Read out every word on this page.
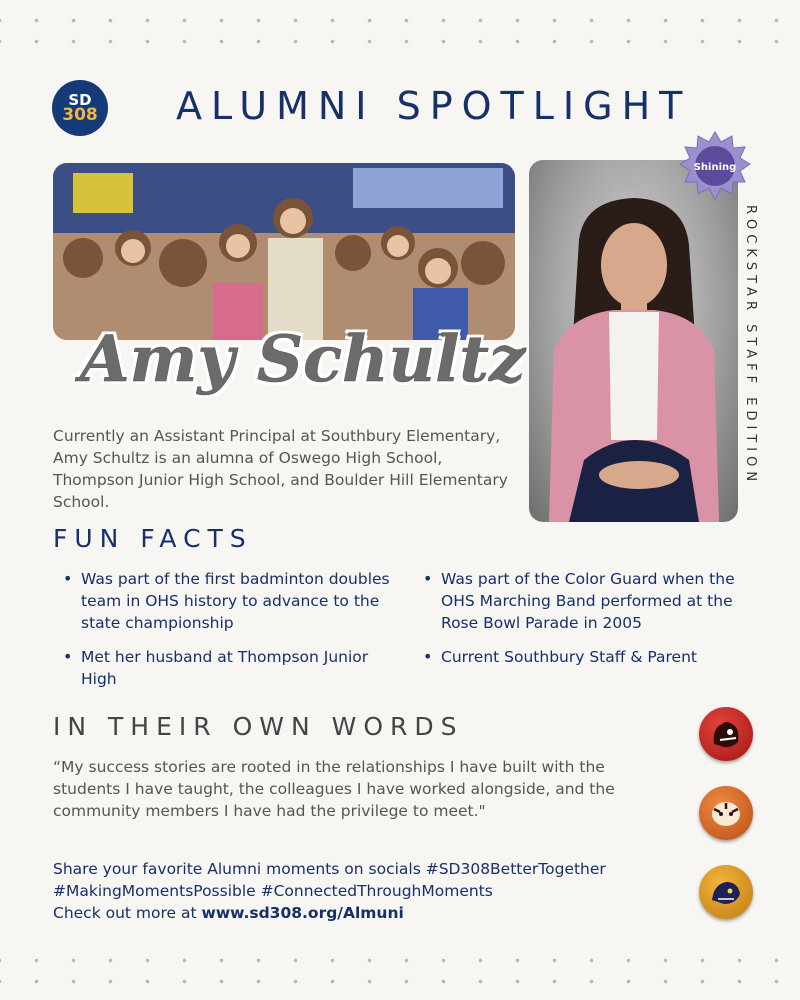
SD
308 ALUMNI SPOTLIGHT
Amy Schultz
Currently an Assistant Principal at Southbury Elementary, Amy Schultz is an alumna of Oswego High School, Thompson Junior High School, and Boulder Hill Elementary School.
Shining
ROCKSTAR STAFF EDITION
FUN FACTS
• Was part of the first badminton doubles team in OHS history to advance to the state championship
• Met her husband at Thompson Junior High
• Was part of the Color Guard when the OHS Marching Band performed at the Rose Bowl Parade in 2005
• Current Southbury Staff & Parent
IN THEIR OWN WORDS
“My success stories are rooted in the relationships I have built with the students I have taught, the colleagues I have worked alongside, and the community members I have had the privilege to meet."
Share your favorite Alumni moments on socials #SD308BetterTogether
#MakingMomentsPossible #ConnectedThroughMoments
Check out more at www.sd308.org/Almuni
